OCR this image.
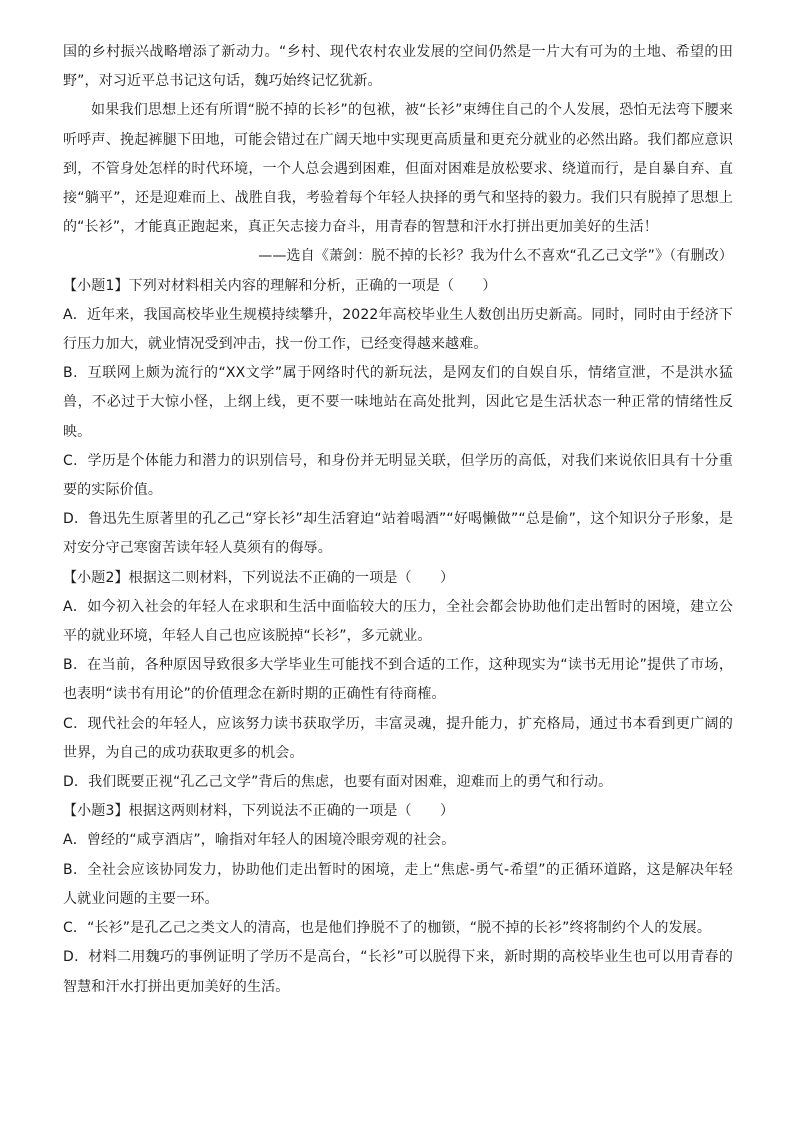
国的乡村振兴战略增添了新动力。“乡村、现代农村农业发展的空间仍然是一片大有可为的土地、希望的田野”，对习近平总书记这句话，魏巧始终记忆犹新。

如果我们思想上还有所谓“脱不掉的长衫”的包袱，被“长衫”束缚住自己的个人发展，恐怕无法弯下腰来听呼声、挽起裤腿下田地，可能会错过在广阔天地中实现更高质量和更充分就业的必然出路。我们都应意识到，不管身处怎样的时代环境，一个人总会遇到困难，但面对困难是放松要求、绕道而行，是自暴自弃、直接“躺平”，还是迎难而上、战胜自我，考验着每个年轻人抉择的勇气和坚持的毅力。我们只有脱掉了思想上的“长衫”，才能真正跑起来，真正矢志接力奋斗，用青春的智慧和汗水打拼出更加美好的生活！

——选自《萧剑：脱不掉的长衫？我为什么不喜欢“孔乙己文学”》（有删改）

【小题1】下列对材料相关内容的理解和分析，正确的一项是（　　）

A．近年来，我国高校毕业生规模持续攀升，2022年高校毕业生人数创出历史新高。同时，同时由于经济下行压力加大，就业情况受到冲击，找一份工作，已经变得越来越难。

B．互联网上颇为流行的“XX文学”属于网络时代的新玩法，是网友们的自娱自乐，情绪宣泄，不是洪水猛兽，不必过于大惊小怪，上纲上线，更不要一味地站在高处批判，因此它是生活状态一种正常的情绪性反映。

C．学历是个体能力和潜力的识别信号，和身份并无明显关联，但学历的高低，对我们来说依旧具有十分重要的实际价值。

D．鲁迅先生原著里的孔乙己“穿长衫”却生活窘迫“站着喝酒”“好喝懒做”“总是偷”，这个知识分子形象，是对安分守己寒窗苦读年轻人莫须有的侮辱。

【小题2】根据这二则材料，下列说法不正确的一项是（　　）

A．如今初入社会的年轻人在求职和生活中面临较大的压力，全社会都会协助他们走出暂时的困境，建立公平的就业环境，年轻人自己也应该脱掉“长衫”，多元就业。

B．在当前，各种原因导致很多大学毕业生可能找不到合适的工作，这种现实为“读书无用论”提供了市场，也表明“读书有用论”的价值理念在新时期的正确性有待商榷。

C．现代社会的年轻人，应该努力读书获取学历，丰富灵魂，提升能力，扩充格局，通过书本看到更广阔的世界，为自己的成功获取更多的机会。

D．我们既要正视“孔乙己文学”背后的焦虑，也要有面对困难，迎难而上的勇气和行动。

【小题3】根据这两则材料，下列说法不正确的一项是（　　）

A．曾经的“咸亨酒店”，喻指对年轻人的困境冷眼旁观的社会。

B．全社会应该协同发力，协助他们走出暂时的困境，走上“焦虑-勇气-希望”的正循环道路，这是解决年轻人就业问题的主要一环。

C．“长衫”是孔乙己之类文人的清高，也是他们挣脱不了的枷锁，“脱不掉的长衫”终将制约个人的发展。

D．材料二用魏巧的事例证明了学历不是高台，“长衫”可以脱得下来，新时期的高校毕业生也可以用青春的智慧和汗水打拼出更加美好的生活。
